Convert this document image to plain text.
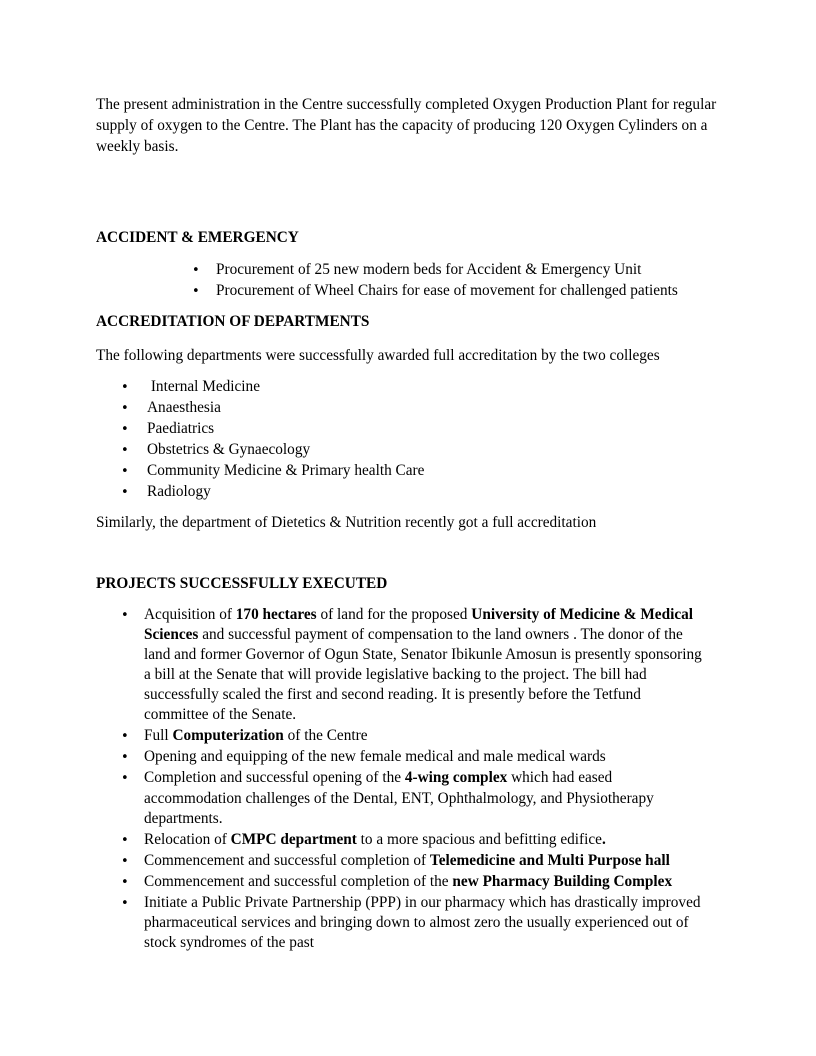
The present administration in the Centre successfully completed Oxygen Production Plant for regular supply of oxygen to the Centre. The Plant has the capacity of producing 120 Oxygen Cylinders on a weekly basis.

ACCIDENT & EMERGENCY
•
Procurement of 25 new modern beds for Accident & Emergency Unit
•
Procurement of Wheel Chairs for ease of movement for challenged patients
ACCREDITATION OF DEPARTMENTS

The following departments were successfully awarded full accreditation by the two colleges

•
Internal Medicine
•
Anaesthesia
•
Paediatrics
•
Obstetrics & Gynaecology
•
Community Medicine & Primary health Care
•
Radiology

Similarly, the department of Dietetics & Nutrition recently got a full accreditation

PROJECTS SUCCESSFULLY EXECUTED
•
Acquisition of 170 hectares of land for the proposed University of Medicine & Medical Sciences and successful payment of compensation to the land owners . The donor of the land and former Governor of Ogun State, Senator Ibikunle Amosun is presently sponsoring a bill at the Senate that will provide legislative backing to the project. The bill had successfully scaled the first and second reading. It is presently before the Tetfund committee of the Senate.
•
Full Computerization of the Centre
•
Opening and equipping of the new female medical and male medical wards
•
Completion and successful opening of the 4-wing complex which had eased accommodation challenges of the Dental, ENT, Ophthalmology, and Physiotherapy departments.
•
Relocation of CMPC department to a more spacious and befitting edifice.
•
Commencement and successful completion of Telemedicine and Multi Purpose hall
•
Commencement and successful completion of the new Pharmacy Building Complex
•
Initiate a Public Private Partnership (PPP) in our pharmacy which has drastically improved pharmaceutical services and bringing down to almost zero the usually experienced out of stock syndromes of the past
